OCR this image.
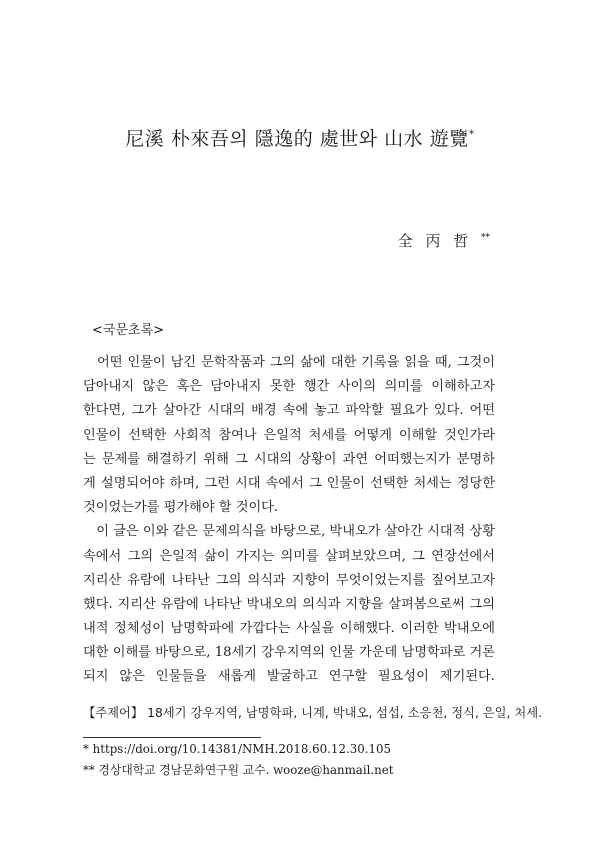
尼溪 朴來吾의 隱逸的 處世와 山水 遊覽*
全 丙 哲 **
<국문초록>
　어떤 인물이 남긴 문학작품과 그의 삶에 대한 기록을 읽을 때, 그것이
담아내지 않은 혹은 담아내지 못한 행간 사이의 의미를 이해하고자
한다면, 그가 살아간 시대의 배경 속에 놓고 파악할 필요가 있다. 어떤
인물이 선택한 사회적 참여나 은일적 처세를 어떻게 이해할 것인가라
는 문제를 해결하기 위해 그 시대의 상황이 과연 어떠했는지가 분명하
게 설명되어야 하며, 그런 시대 속에서 그 인물이 선택한 처세는 정당한
것이었는가를 평가해야 할 것이다.
　이 글은 이와 같은 문제의식을 바탕으로, 박내오가 살아간 시대적 상황
속에서 그의 은일적 삶이 가지는 의미를 살펴보았으며, 그 연장선에서
지리산 유람에 나타난 그의 의식과 지향이 무엇이었는지를 짚어보고자
했다. 지리산 유람에 나타난 박내오의 의식과 지향을 살펴봄으로써 그의
내적 정체성이 남명학파에 가깝다는 사실을 이해했다. 이러한 박내오에
대한 이해를 바탕으로, 18세기 강우지역의 인물 가운데 남명학파로 거론
되지 않은 인물들을 새롭게 발굴하고 연구할 필요성이 제기된다.
【주제어】 18세기 강우지역, 남명학파, 니계, 박내오, 섬섭, 소응천, 정식, 은일, 처세.
* https://doi.org/10.14381/NMH.2018.60.12.30.105
** 경상대학교 경남문화연구원 교수. wooze@hanmail.net
